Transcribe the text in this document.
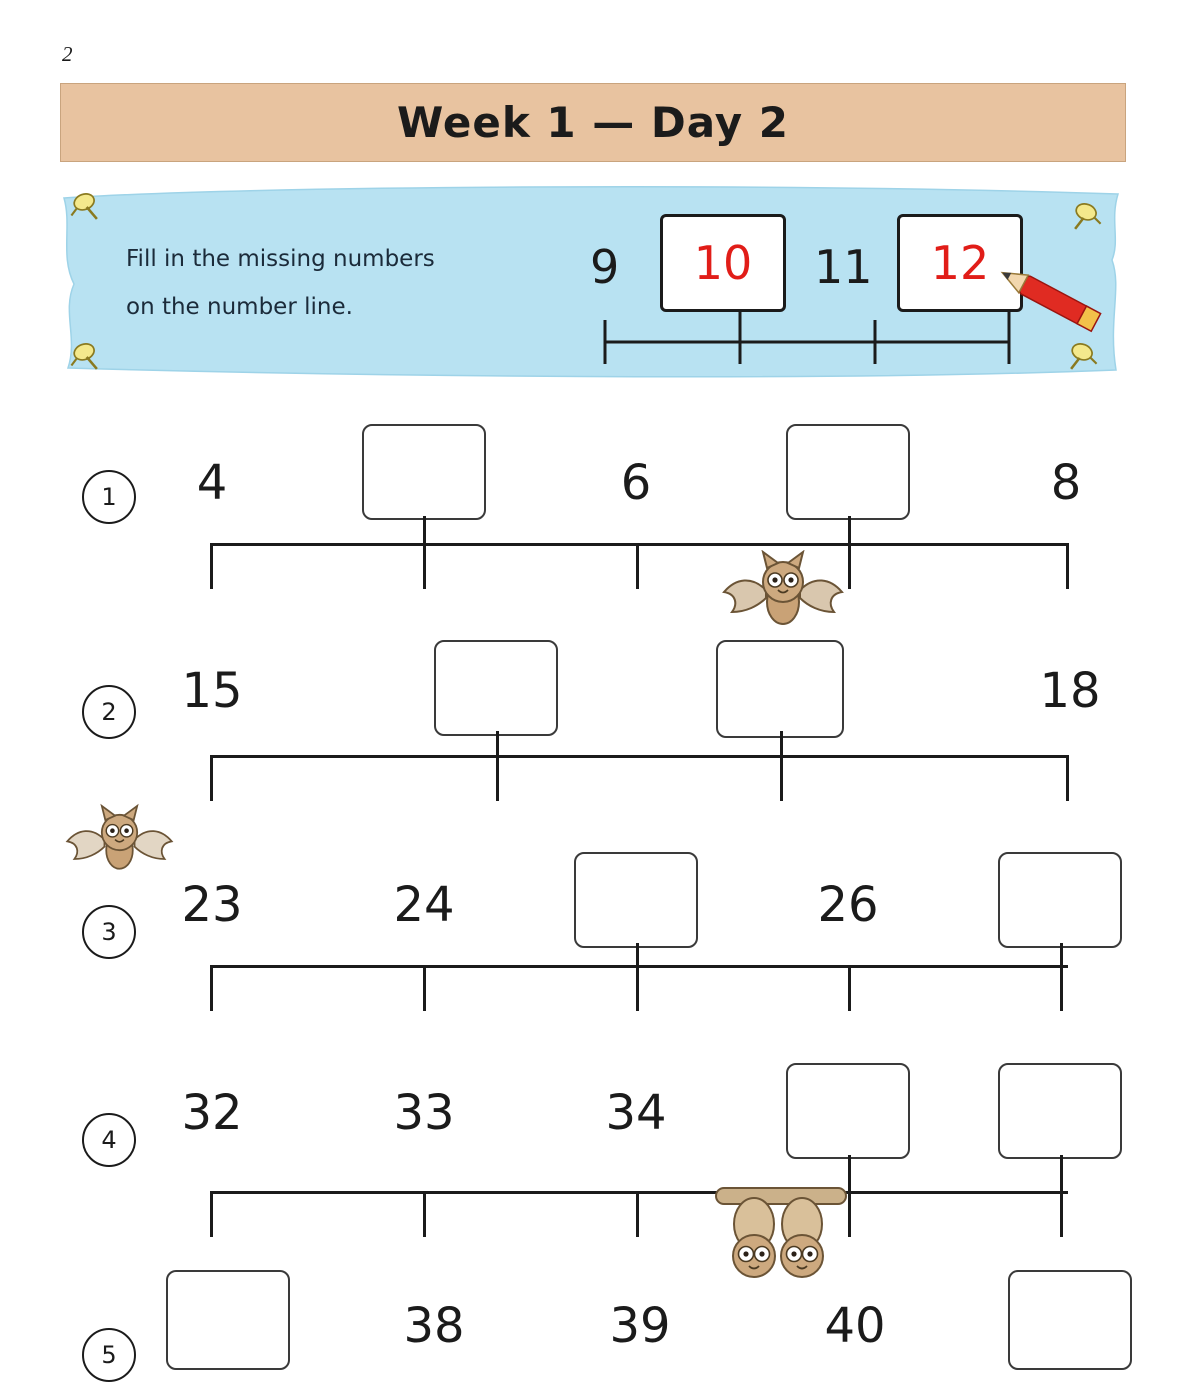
2
Week 1 — Day 2
Fill in the missing numbers
on the number line.
9	10	11	12
1	4	6	8
2	15	18
3	23	24	26
4	32	33	34
5
38	39	40
